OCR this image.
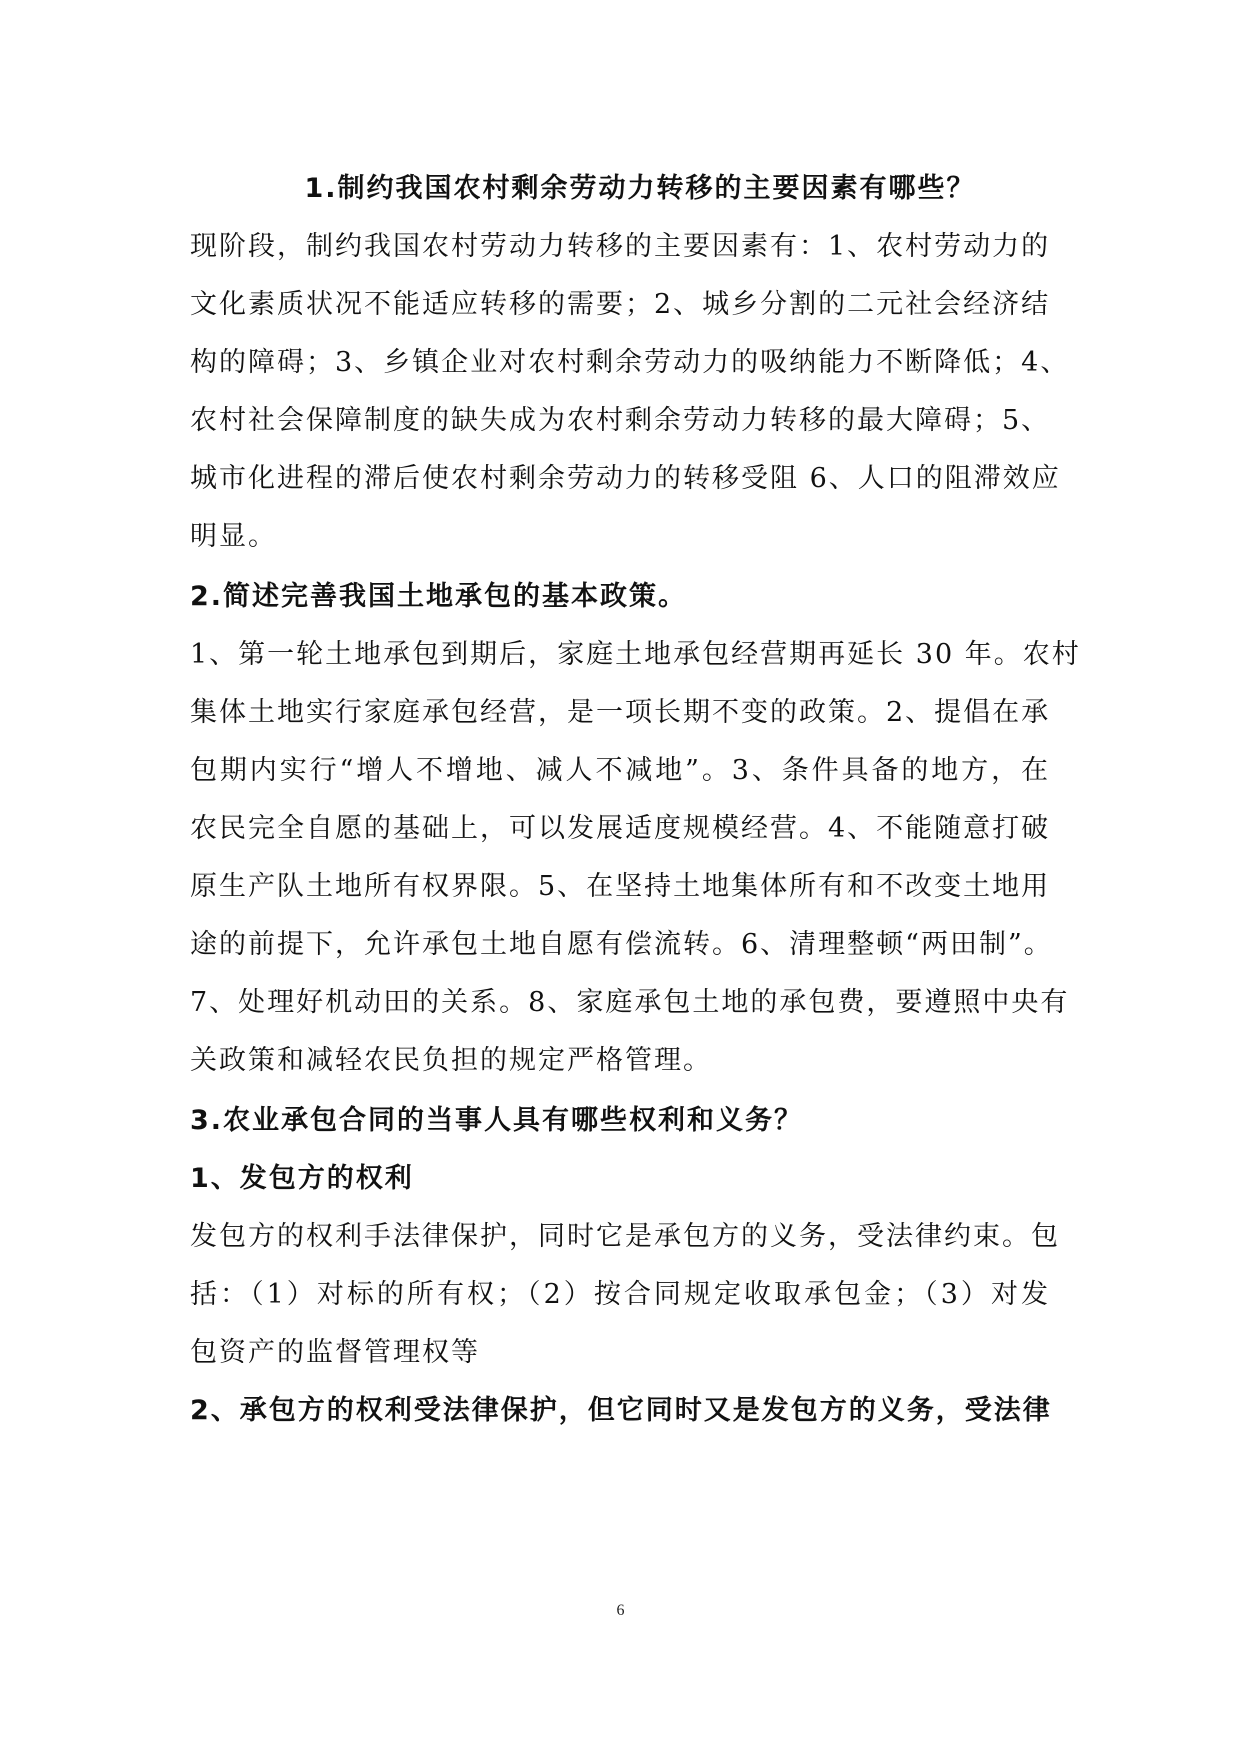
1.制约我国农村剩余劳动力转移的主要因素有哪些？
现阶段，制约我国农村劳动力转移的主要因素有：1、农村劳动力的
文化素质状况不能适应转移的需要；2、城乡分割的二元社会经济结
构的障碍；3、乡镇企业对农村剩余劳动力的吸纳能力不断降低；4、
农村社会保障制度的缺失成为农村剩余劳动力转移的最大障碍；5、
城市化进程的滞后使农村剩余劳动力的转移受阻 6、人口的阻滞效应
明显。
2.简述完善我国土地承包的基本政策。
1、第一轮土地承包到期后，家庭土地承包经营期再延长 30 年。农村
集体土地实行家庭承包经营，是一项长期不变的政策。2、提倡在承
包期内实行“增人不增地、减人不减地”。3、条件具备的地方，在
农民完全自愿的基础上，可以发展适度规模经营。4、不能随意打破
原生产队土地所有权界限。5、在坚持土地集体所有和不改变土地用
途的前提下，允许承包土地自愿有偿流转。6、清理整顿“两田制”。
7、处理好机动田的关系。8、家庭承包土地的承包费，要遵照中央有
关政策和减轻农民负担的规定严格管理。
3.农业承包合同的当事人具有哪些权利和义务？
1、发包方的权利
发包方的权利手法律保护，同时它是承包方的义务，受法律约束。包
括：（1）对标的所有权；（2）按合同规定收取承包金；（3）对发
包资产的监督管理权等
2、承包方的权利受法律保护，但它同时又是发包方的义务，受法律
6
